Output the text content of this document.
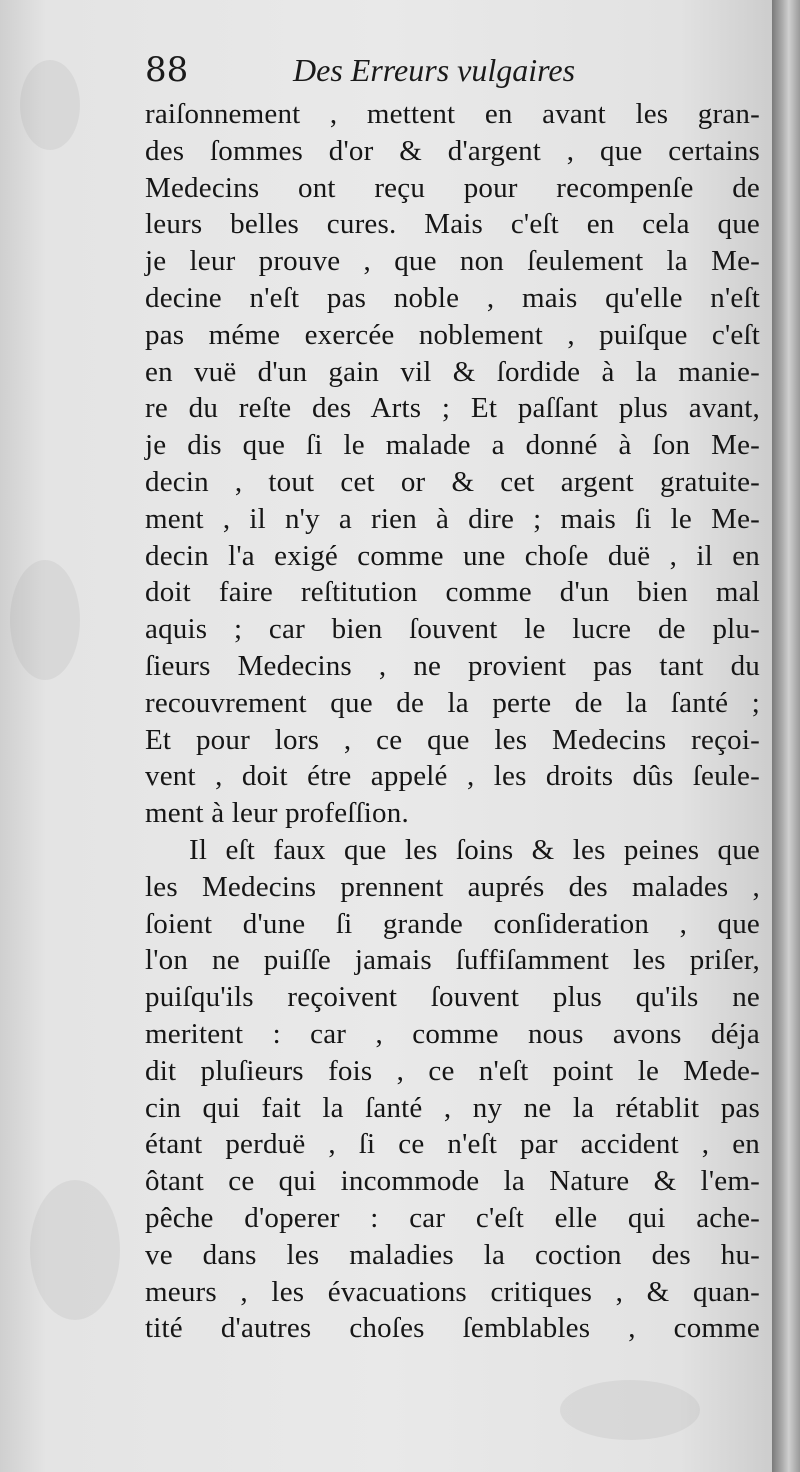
88	Des Erreurs vulgaires
raiſonnement , mettent en avant les gran-
des ſommes d'or & d'argent , que certains
Medecins ont reçu pour recompenſe de
leurs belles cures. Mais c'eſt en cela que
je leur prouve , que non ſeulement la Me-
decine n'eſt pas noble , mais qu'elle n'eſt
pas méme exercée noblement , puiſque c'eſt
en vuë d'un gain vil & ſordide à la manie-
re du reſte des Arts ; Et paſſant plus avant,
je dis que ſi le malade a donné à ſon Me-
decin , tout cet or & cet argent gratuite-
ment , il n'y a rien à dire ; mais ſi le Me-
decin l'a exigé comme une choſe duë , il en
doit faire reſtitution comme d'un bien mal
aquis ; car bien ſouvent le lucre de plu-
ſieurs Medecins , ne provient pas tant du
recouvrement que de la perte de la ſanté ;
Et pour lors , ce que les Medecins reçoi-
vent , doit étre appelé , les droits dûs ſeule-
ment à leur profeſſion.
Il eſt faux que les ſoins & les peines que
les Medecins prennent auprés des malades ,
ſoient d'une ſi grande conſideration , que
l'on ne puiſſe jamais ſuffiſamment les priſer,
puiſqu'ils reçoivent ſouvent plus qu'ils ne
meritent : car , comme nous avons déja
dit pluſieurs fois , ce n'eſt point le Mede-
cin qui fait la ſanté , ny ne la rétablit pas
étant perduë , ſi ce n'eſt par accident , en
ôtant ce qui incommode la Nature & l'em-
pêche d'operer : car c'eſt elle qui ache-
ve dans les maladies la coction des hu-
meurs , les évacuations critiques , & quan-
tité d'autres choſes ſemblables , comme
